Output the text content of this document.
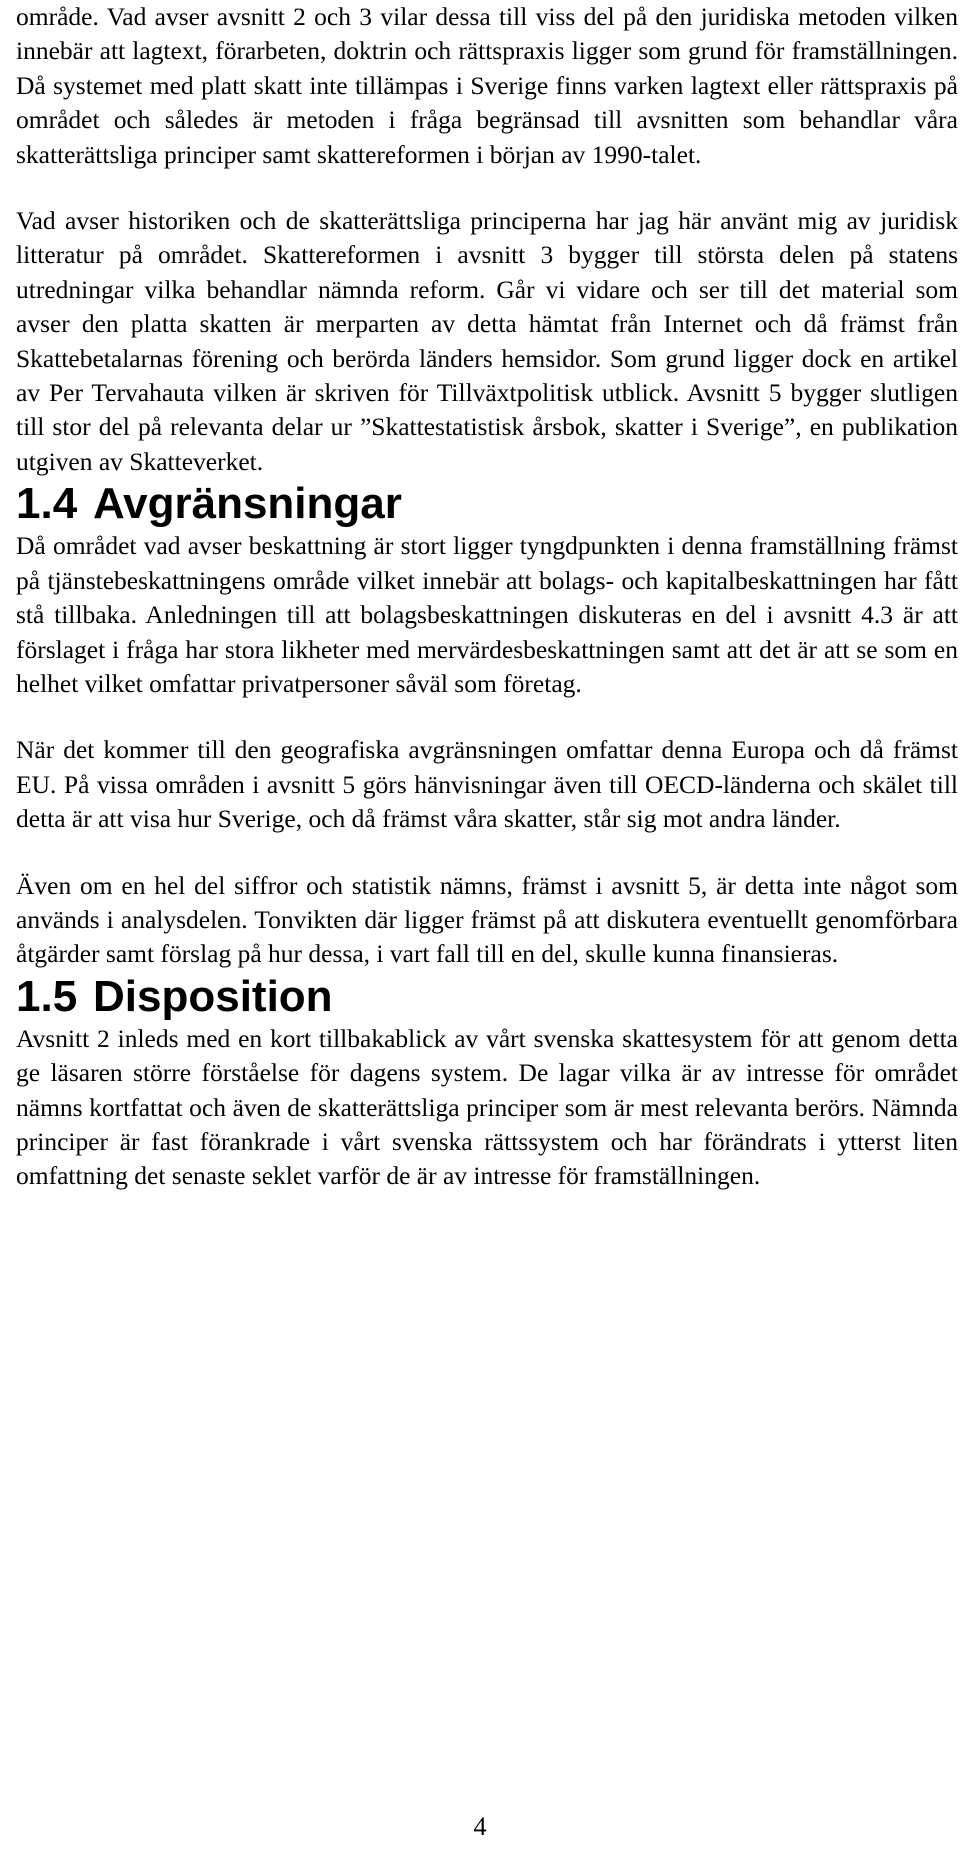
område. Vad avser avsnitt 2 och 3 vilar dessa till viss del på den juridiska metoden vilken innebär att lagtext, förarbeten, doktrin och rättspraxis ligger som grund för framställningen. Då systemet med platt skatt inte tillämpas i Sverige finns varken lagtext eller rättspraxis på området och således är metoden i fråga begränsad till avsnitten som behandlar våra skatterättsliga principer samt skattereformen i början av 1990-talet.

Vad avser historiken och de skatterättsliga principerna har jag här använt mig av juridisk litteratur på området. Skattereformen i avsnitt 3 bygger till största delen på statens utredningar vilka behandlar nämnda reform. Går vi vidare och ser till det material som avser den platta skatten är merparten av detta hämtat från Internet och då främst från Skattebetalarnas förening och berörda länders hemsidor. Som grund ligger dock en artikel av Per Tervahauta vilken är skriven för Tillväxtpolitisk utblick. Avsnitt 5 bygger slutligen till stor del på relevanta delar ur ”Skattestatistisk årsbok, skatter i Sverige”, en publikation utgiven av Skatteverket.

1.4 Avgränsningar

Då området vad avser beskattning är stort ligger tyngdpunkten i denna framställning främst på tjänstebeskattningens område vilket innebär att bolags- och kapitalbeskattningen har fått stå tillbaka. Anledningen till att bolagsbeskattningen diskuteras en del i avsnitt 4.3 är att förslaget i fråga har stora likheter med mervärdesbeskattningen samt att det är att se som en helhet vilket omfattar privatpersoner såväl som företag.

När det kommer till den geografiska avgränsningen omfattar denna Europa och då främst EU. På vissa områden i avsnitt 5 görs hänvisningar även till OECD-länderna och skälet till detta är att visa hur Sverige, och då främst våra skatter, står sig mot andra länder.

Även om en hel del siffror och statistik nämns, främst i avsnitt 5, är detta inte något som används i analysdelen. Tonvikten där ligger främst på att diskutera eventuellt genomförbara åtgärder samt förslag på hur dessa, i vart fall till en del, skulle kunna finansieras.

1.5 Disposition

Avsnitt 2 inleds med en kort tillbakablick av vårt svenska skattesystem för att genom detta ge läsaren större förståelse för dagens system. De lagar vilka är av intresse för området nämns kortfattat och även de skatterättsliga principer som är mest relevanta berörs. Nämnda principer är fast förankrade i vårt svenska rättssystem och har förändrats i ytterst liten omfattning det senaste seklet varför de är av intresse för framställningen.

4
